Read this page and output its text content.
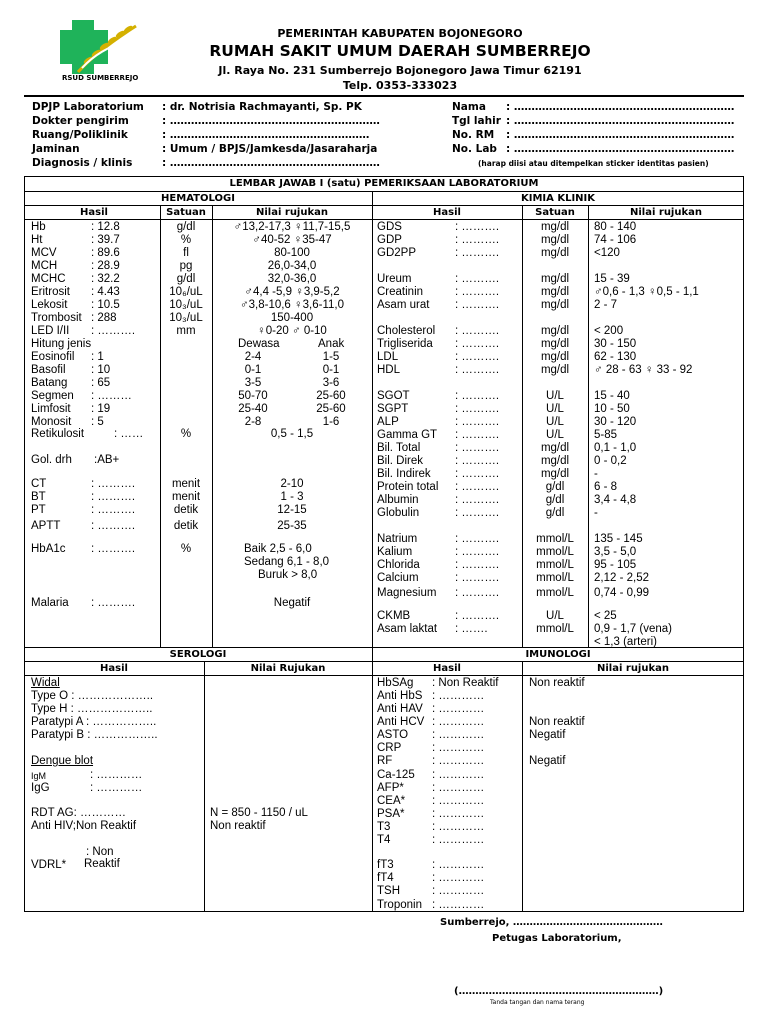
RSUD SUMBERREJO
PEMERINTAH KABUPATEN BOJONEGORO
RUMAH SAKIT UMUM DAERAH SUMBERREJO
Jl. Raya No. 231 Sumberrejo Bojonegoro Jawa Timur 62191
Telp. 0353-333023
DPJP Laboratorium : dr. Notrisia Rachmayanti, Sp. PK
Dokter pengirim	: ……………………………………………………
Ruang/Poliklinik	: …………………………………………………
Jaminan	: Umum / BPJS/Jamkesda/Jasaraharja
Diagnosis / klinis	: ……………………………………………………
Nama : ………………………………………………………
Tgl lahir : ………………………………………………………
No. RM : ………………………………………………………
No. Lab : ………………………………………………………
(harap diisi atau ditempelkan sticker identitas pasien)
LEMBAR JAWAB I (satu) PEMERIKSAAN LABORATORIUM
HEMATOLOGI	KIMIA KLINIK
Hasil	Satuan	Nilai rujukan	Hasil	Satuan	Nilai rujukan
SEROLOGI	IMUNOLOGI
Hasil	Nilai Rujukan	Hasil	Nilai rujukan
Hb	: 12.8	g/dl	♂13,2-17,3 ♀11,7-15,5
Ht	: 39.7	%	♂40-52 ♀35-47
MCV	: 89.6	fl	80-100
MCH	: 28.9	pg	26,0-34,0
MCHC : 32.2	g/dl	32,0-36,0
Eritrosit : 4.43	10₆/uL	♂4,4 -5,9 ♀3,9-5,2
Lekosit : 10.5	10₃/uL	♂3,8-10,6 ♀3,6-11,0
Trombosit : 288	10₃/uL	150-400
LED I/II : ……….	mm	♀0-20 ♂ 0-10
Hitung jenis	Dewasa	Anak
Eosinofil : 1	2-4	1-5
Basofil : 10	0-1	0-1
Batang : 65	3-5	3-6
Segmen : ………	50-70	25-60
Limfosit : 19	25-40	25-60
Monosit : 5	2-8	1-6
Retikulosit	: ……	%	0,5 - 1,5
Gol. drh :AB+
CT	: ……….	menit	2-10
BT	: ……….	menit	1 - 3
PT	: ……….	detik	12-15
APTT	: ……….	detik	25-35
HbA1c : ……….	%	Baik 2,5 - 6,0
Sedang 6,1 - 8,0
Buruk > 8,0
Malaria : ……….	Negatif
GDS	: ……….	mg/dl	80 - 140
GDP	: ……….	mg/dl	74 - 106
GD2PP	: ……….	mg/dl	<120
Ureum	: ……….	mg/dl	15 - 39
Creatinin	: ……….	mg/dl	♂0,6 - 1,3 ♀0,5 - 1,1
Asam urat : ……….	mg/dl	2 - 7
Cholesterol : ……….	mg/dl	< 200
Trigliserida : ……….	mg/dl	30 - 150
LDL	: ……….	mg/dl	62 - 130
HDL	: ……….	mg/dl	♂ 28 - 63 ♀ 33 - 92
SGOT	: ……….	U/L	15 - 40
SGPT	: ……….	U/L	10 - 50
ALP	: ……….	U/L	30 - 120
Gamma GT : ……….	U/L	5-85
Bil. Total	: ……….	mg/dl	0,1 - 1,0
Bil. Direk	: ……….	mg/dl	0 - 0,2
Bil. Indirek : ……….	mg/dl	-
Protein total : ……….	g/dl	6 - 8
Albumin	: ……….	g/dl	3,4 - 4,8
Globulin	: ……….	g/dl	-
Natrium	: ……….	mmol/L	135 - 145
Kalium	: ……….	mmol/L	3,5 - 5,0
Chlorida	: ……….	mmol/L	95 - 105
Calcium	: ……….	mmol/L	2,12 - 2,52
Magnesium : ……….	mmol/L	0,74 - 0,99
CKMB	: ……….	U/L	< 25
Asam laktat : …….	mmol/L	0,9 - 1,7 (vena)
< 1,3 (arteri)
Widal
Type O : ………………..
Type H : ………………..
Paratypi A : ……………..
Paratypi B : ……………..
Dengue blot
IgM	: …………
IgG	: …………
RDT AG: …………	N = 850 - 1150 / uL
Anti HIV;Non Reaktif	Non reaktif
: Non
VDRL* Reaktif
HbSAg : Non Reaktif	Non reaktif
Anti HbS : …………
Anti HAV : …………
Anti HCV : …………	Non reaktif
ASTO : …………	Negatif
CRP	: …………
RF	: …………	Negatif
Ca-125 : …………
AFP* : …………
CEA* : …………
PSA* : …………
T3	: …………
T4	: …………
fT3	: …………
fT4	: …………
TSH	: …………
Troponin : …………
Sumberrejo, ………………………………………
Petugas Laboratorium,
(……………………………………………………)
Tanda tangan dan nama terang
